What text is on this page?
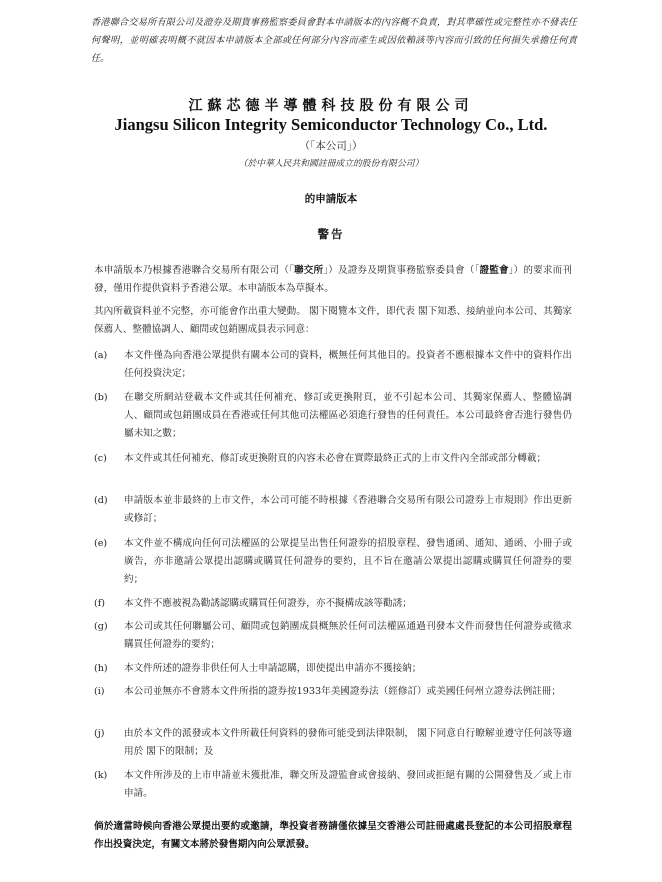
香港聯合交易所有限公司及證券及期貨事務監察委員會對本申請版本的內容概不負責，對其準確性或完整性亦不發表任何聲明，並明確表明概不就因本申請版本全部或任何部分內容而產生或因依賴該等內容而引致的任何損失承擔任何責任。
江蘇芯德半導體科技股份有限公司
Jiangsu Silicon Integrity Semiconductor Technology Co., Ltd.
（「本公司」）
（於中華人民共和國註冊成立的股份有限公司）
的申請版本
警告
本申請版本乃根據香港聯合交易所有限公司（「聯交所」）及證券及期貨事務監察委員會（「證監會」）的要求而刊發，僅用作提供資料予香港公眾。本申請版本為草擬本。
其內所載資料並不完整，亦可能會作出重大變動。 閣下閱覽本文件，即代表 閣下知悉、接納並向本公司、其獨家保薦人、整體協調人、顧問或包銷團成員表示同意：
(a)	本文件僅為向香港公眾提供有關本公司的資料，概無任何其他目的。投資者不應根據本文件中的資料作出任何投資決定；
(b)	在聯交所網站登載本文件或其任何補充、修訂或更換附頁，並不引起本公司、其獨家保薦人、整體協調人、顧問或包銷團成員在香港或任何其他司法權區必須進行發售的任何責任。本公司最終會否進行發售仍屬未知之數；
(c)	本文件或其任何補充、修訂或更換附頁的內容未必會在實際最終正式的上市文件內全部或部分轉載；
(d)	申請版本並非最終的上市文件，本公司可能不時根據《香港聯合交易所有限公司證券上市規則》作出更新或修訂；
(e)	本文件並不構成向任何司法權區的公眾提呈出售任何證券的招股章程、發售通函、通知、通函、小冊子或廣告，亦非邀請公眾提出認購或購買任何證券的要約，且不旨在邀請公眾提出認購或購買任何證券的要約；
(f)	本文件不應被視為勸誘認購或購買任何證券，亦不擬構成該等勸誘；
(g)	本公司或其任何聯屬公司、顧問或包銷團成員概無於任何司法權區通過刊發本文件而發售任何證券或徵求購買任何證券的要約；
(h)	本文件所述的證券非供任何人士申請認購，即使提出申請亦不獲接納；
(i)	本公司並無亦不會將本文件所指的證券按1933年美國證券法（經修訂）或美國任何州立證券法例註冊；
(j)	由於本文件的派發或本文件所載任何資料的發佈可能受到法律限制， 閣下同意自行瞭解並遵守任何該等適用於 閣下的限制；及
(k)	本文件所涉及的上市申請並未獲批准，聯交所及證監會或會接納、發回或拒絕有關的公開發售及／或上市申請。
倘於適當時候向香港公眾提出要約或邀請，準投資者務請僅依據呈交香港公司註冊處處長登記的本公司招股章程作出投資決定，有關文本將於發售期內向公眾派發。
